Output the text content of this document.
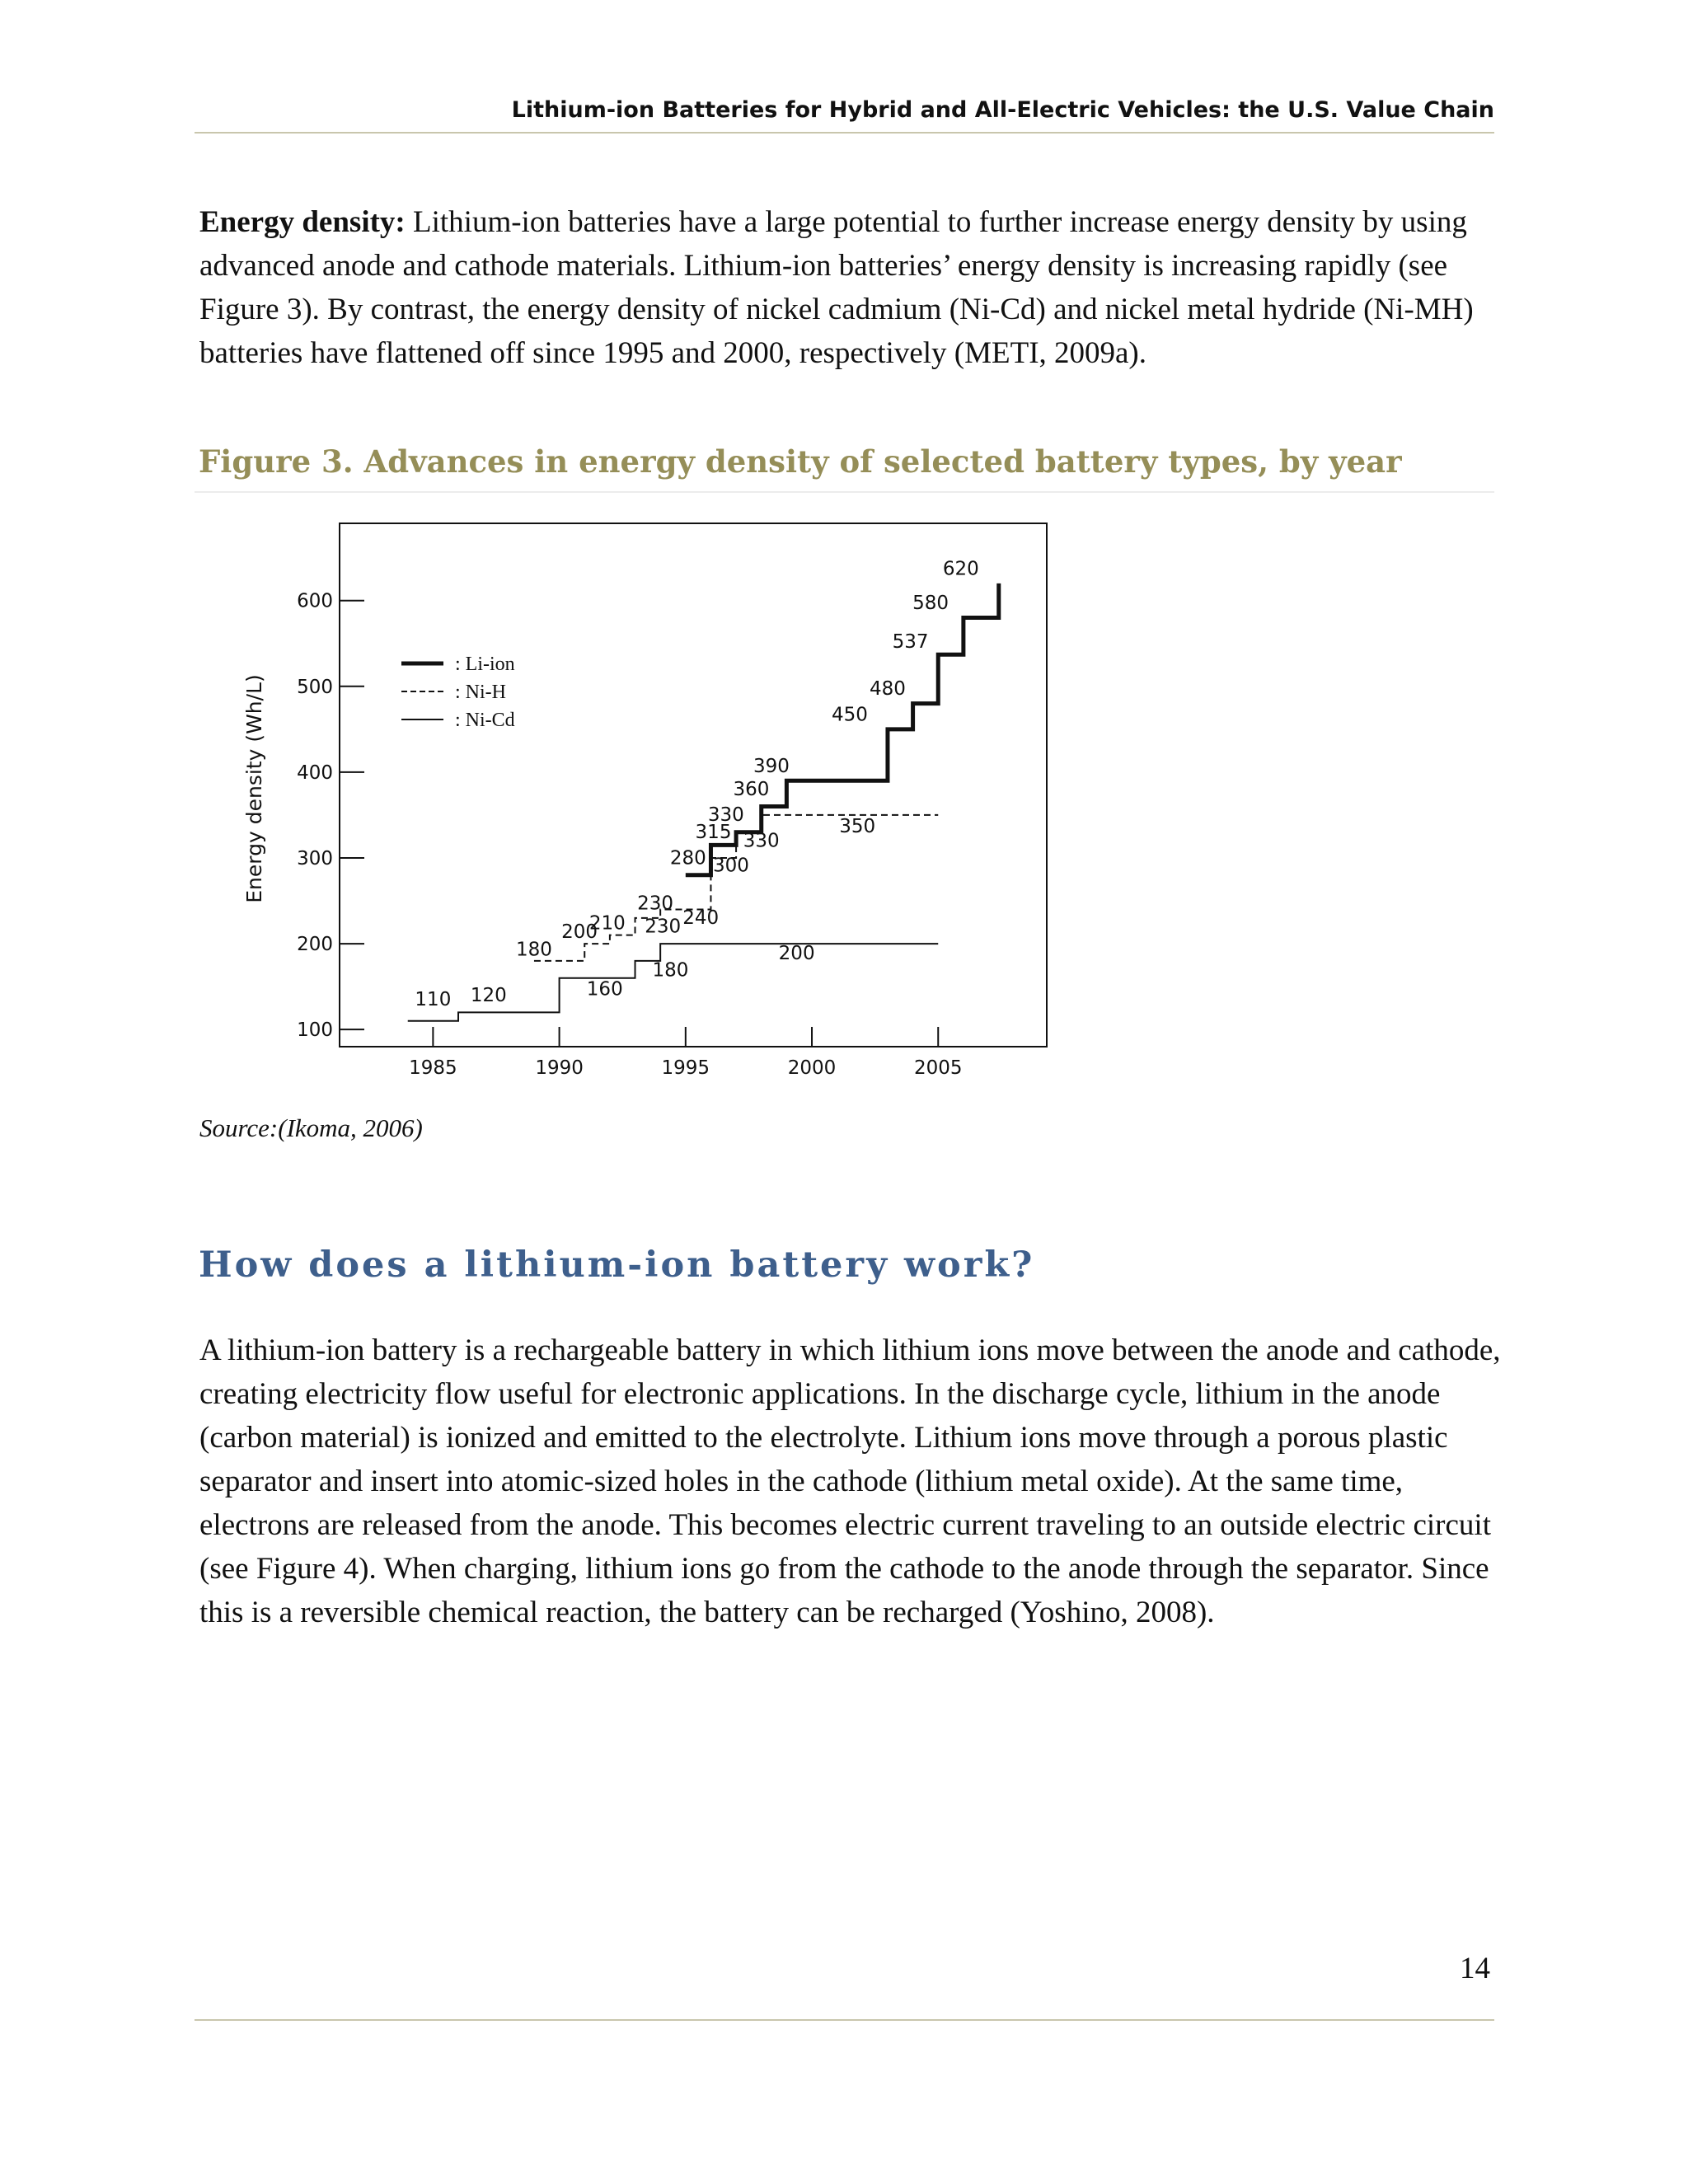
Lithium-ion Batteries for Hybrid and All-Electric Vehicles: the U.S. Value Chain

Energy density: Lithium-ion batteries have a large potential to further increase energy density by using advanced anode and cathode materials. Lithium-ion batteries’ energy density is increasing rapidly (see Figure 3). By contrast, the energy density of nickel cadmium (Ni-Cd) and nickel metal hydride (Ni-MH) batteries have flattened off since 1995 and 2000, respectively (METI, 2009a).

Figure 3. Advances in energy density of selected battery types, by year
100
200
300
400
500
600
1985	1990	1995	2000	2005
230
280
315
330
360
390
450
480
537
580
620
180
200
210 230 240
300
330
350
110 120	160
180
200
: Li-ion
: Ni-H
: Ni-Cd
Energy density (Wh/L)
Source:(Ikoma, 2006)
How does a lithium-ion battery work?

A lithium-ion battery is a rechargeable battery in which lithium ions move between the anode and cathode, creating electricity flow useful for electronic applications. In the discharge cycle, lithium in the anode (carbon material) is ionized and emitted to the electrolyte. Lithium ions move through a porous plastic separator and insert into atomic-sized holes in the cathode (lithium metal oxide). At the same time, electrons are released from the anode. This becomes electric current traveling to an outside electric circuit (see Figure 4). When charging, lithium ions go from the cathode to the anode through the separator. Since this is a reversible chemical reaction, the battery can be recharged (Yoshino, 2008).

14
